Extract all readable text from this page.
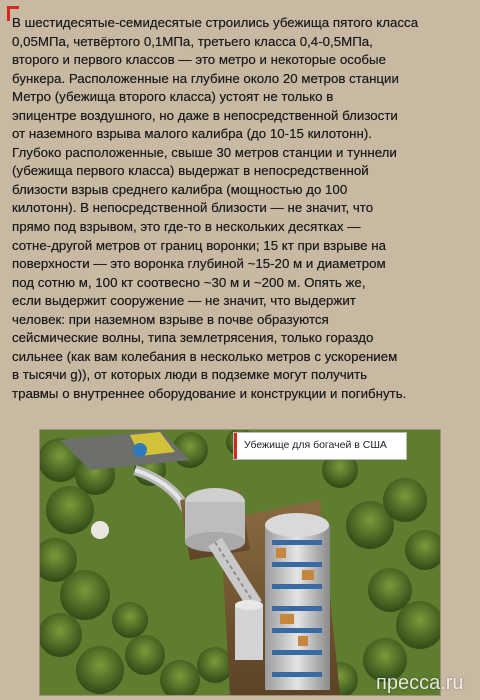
В шестидесятые-семидесятые строились убежища пятого класса
0,05МПа, четвёртого 0,1МПа, третьего класса 0,4-0,5МПа,
второго и первого классов — это метро и некоторые особые
бункера. Расположенные на глубине около 20 метров станции
Метро (убежища второго класса) устоят не только в
эпицентре воздушного, но даже в непосредственной близости
от наземного взрыва малого калибра (до 10-15 килотонн).
Глубоко расположенные, свыше 30 метров станции и туннели
(убежища первого класса) выдержат в непосредственной
близости взрыв среднего калибра (мощностью до 100
килотонн). В непосредственной близости — не значит, что
прямо под взрывом, это где-то в нескольких десятках —
сотне-другой метров от границ воронки; 15 кт при взрыве на
поверхности — это воронка глубиной ~15-20 м и диаметром
под сотню м, 100 кт соотвесно ~30 м и ~200 м. Опять же,
если выдержит сооружение — не значит, что выдержит
человек: при наземном взрыве в почве образуются
сейсмические волны, типа землетрясения, только гораздо
сильнее (как вам колебания в несколько метров с ускорением
в тысячи g)), от которых люди в подземке могут получить
травмы о внутреннее оборудование и конструкции и погибнуть.
Убежище для богачей в США
пресса.ru
